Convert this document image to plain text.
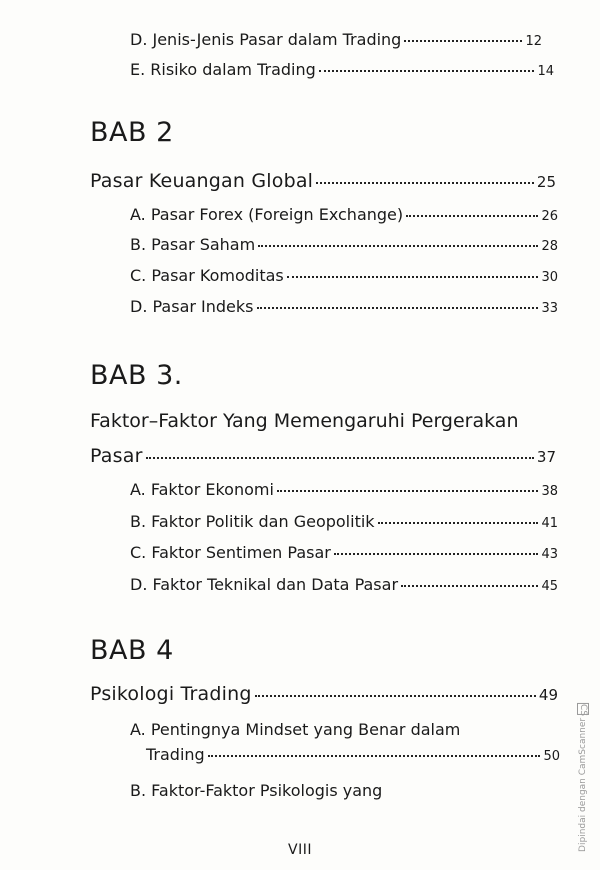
D. Jenis-Jenis Pasar dalam Trading	12
E. Risiko dalam Trading	14
BAB 2
Pasar Keuangan Global	25
A. Pasar Forex (Foreign Exchange)	26
B. Pasar Saham	28
C. Pasar Komoditas	30
D. Pasar Indeks	33
BAB 3.
Faktor–Faktor Yang Memengaruhi Pergerakan
Pasar	37
A. Faktor Ekonomi	38
B. Faktor Politik dan Geopolitik	41
C. Faktor Sentimen Pasar	43
D. Faktor Teknikal dan Data Pasar	45
BAB 4
Psikologi Trading	49
A. Pentingnya Mindset yang Benar dalam
Trading	50
B. Faktor-Faktor Psikologis yang
VIII	Dipindai dengan CamScanner CS
